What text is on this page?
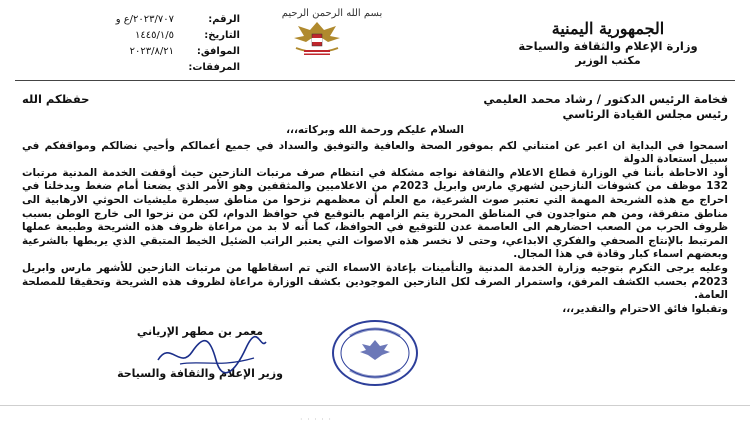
الجمهورية اليمنية
وزارة الإعلام والثقافة والسياحة
مكتب الوزير
بسم الله الرحمن الرحيم
الرقم:
٢٠٢٣/٧٠٧/ع و
التاريخ:
١٤٤٥/١/٥
الموافق:
٢٠٢٣/٨/٢١
المرفقات:
فخامة الرئيس الدكتور / رشاد محمد العليمي
حفظكم الله
رئيس مجلس القيادة الرئاسي
السلام عليكم ورحمة الله وبركاته،،،

اسمحوا في البداية ان اعبر عن امتناني لكم بموفور الصحة والعافية والتوفيق والسداد في جميع أعمالكم وأحيي نضالكم ومواقفكم في سبيل استعادة الدولة

أود الاحاطة بأننا في الوزارة قطاع الاعلام والثقافة نواجه مشكلة في انتظام صرف مرتبات النازحين حيث أوقفت الخدمة المدنية مرتبات 132 موظف من كشوفات النازحين لشهري مارس وابريل 2023م من الاعلاميين والمثقفين وهو الأمر الذي يضعنا أمام ضغط ويدخلنا في احراج مع هذه الشريحة المهمة التي تعتبر صوت الشرعية، مع العلم أن معظمهم نزحوا من مناطق سيطرة مليشيات الحوثي الارهابية الى مناطق متفرقة، ومن هم متواجدون في المناطق المحررة يتم الزامهم بالتوقيع في حوافظ الدوام، لكن من نزحوا الى خارج الوطن بسبب ظروف الحرب من الصعب احضارهم الى العاصمة عدن للتوقيع في الحوافظ، كما أنه لا بد من مراعاة ظروف هذه الشريحة وطبيعة عملها المرتبط بالإنتاج الصحفي والفكري الابداعي، وحتى لا نخسر هذه الاصوات التي يعتبر الراتب الضئيل الخيط المتبقي الذي يربطها بالشرعية وبعضهم اسماء كبار وقادة في هذا المجال.

وعليه يرجى التكرم بتوجيه وزارة الخدمة المدنية والتأمينات بإعادة الاسماء التي تم اسقاطها من مرتبات النازحين للأشهر مارس وابريل 2023م بحسب الكشف المرفق، واستمرار الصرف لكل النازحين الموجودين بكشف الوزارة مراعاة لظروف هذه الشريحة وتحقيقا للمصلحة العامة.

وتقبلوا فائق الاحترام والتقدير،،،
معمر بن مطهر الإرياني
وزير الإعلام والثقافة والسياحة
· · · · ·
